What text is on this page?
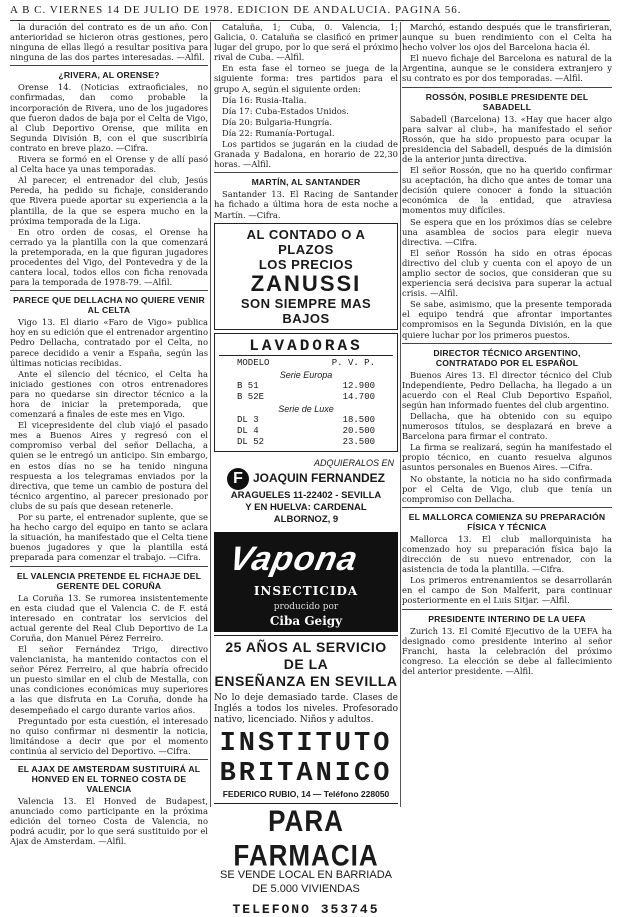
A B C. VIERNES 14 DE JULIO DE 1978. EDICION DE ANDALUCIA. PAGINA 56.

la duración del contrato es de un año. Con anterioridad se hicieron otras gestiones, pero ninguna de ellas llegó a resultar positiva para ninguna de las dos partes interesadas. —Alfil.

¿RIVERA, AL ORENSE?

Orense 14. (Noticias extraoficiales, no confirmadas, dan como probable la incorporación de Rivera, uno de los jugadores que fueron dados de baja por el Celta de Vigo, al Club Deportivo Orense, que milita en Segunda División B, con el que suscribiría contrato en breve plazo. —Cifra.

Rivera se formó en el Orense y de allí pasó al Celta hace ya unas temporadas.

Al parecer, el entrenador del club, Jesús Pereda, ha pedido su fichaje, considerando que Rivera puede aportar su experiencia a la plantilla, de la que se espera mucho en la próxima temporada de la Liga.

En otro orden de cosas, el Orense ha cerrado ya la plantilla con la que comenzará la pretemporada, en la que figuran jugadores procedentes del Vigo, del Pontevedra y de la cantera local, todos ellos con ficha renovada para la temporada de 1978-79. —Alfil.

PARECE QUE DELLACHA NO QUIERE VENIR AL CELTA

Vigo 13. El diario «Faro de Vigo» publica hoy en su edición que el entrenador argentino Pedro Dellacha, contratado por el Celta, no parece decidido a venir a España, según las últimas noticias recibidas.

Ante el silencio del técnico, el Celta ha iniciado gestiones con otros entrenadores para no quedarse sin director técnico a la hora de iniciar la pretemporada, que comenzará a finales de este mes en Vigo.

El vicepresidente del club viajó el pasado mes a Buenos Aires y regresó con el compromiso verbal del señor Dellacha, a quien se le entregó un anticipo. Sin embargo, en estos días no se ha tenido ninguna respuesta a los telegramas enviados por la directiva, que teme un cambio de postura del técnico argentino, al parecer presionado por clubs de su país que desean retenerle.

Por su parte, el entrenador suplente, que se ha hecho cargo del equipo en tanto se aclara la situación, ha manifestado que el Celta tiene buenos jugadores y que la plantilla está preparada para comenzar el trabajo. —Cifra.

EL VALENCIA PRETENDE EL FICHAJE DEL GERENTE DEL CORUÑA

La Coruña 13. Se rumorea insistentemente en esta ciudad que el Valencia C. de F. está interesado en contratar los servicios del actual gerente del Real Club Deportivo de La Coruña, don Manuel Pérez Ferreiro.

El señor Fernández Trigo, directivo valencianista, ha mantenido contactos con el señor Pérez Ferreiro, al que habría ofrecido un puesto similar en el club de Mestalla, con unas condiciones económicas muy superiores a las que disfruta en La Coruña, donde ha desempeñado el cargo durante varios años.

Preguntado por esta cuestión, el interesado no quiso confirmar ni desmentir la noticia, limitándose a decir que por el momento continúa al servicio del Deportivo. —Cifra.

EL AJAX DE AMSTERDAM SUSTITUIRÁ AL HONVED EN EL TORNEO COSTA DE VALENCIA

Valencia 13. El Honved de Budapest, anunciado como participante en la próxima edición del torneo Costa de Valencia, no podrá acudir, por lo que será sustituido por el Ajax de Amsterdam. —Alfil.

Cataluña, 1; Cuba, 0. Valencia, 1; Galicia, 0. Cataluña se clasificó en primer lugar del grupo, por lo que será el próximo rival de Cuba. —Alfil.

En esta fase el torneo se juega de la siguiente forma: tres partidos para el grupo A, según el siguiente orden:

Día 16: Rusia-Italia.

Día 17: Cuba-Estados Unidos.

Día 20: Bulgaria-Hungría.

Día 22: Rumanía-Portugal.

Los partidos se jugarán en la ciudad de Granada y Badalona, en horario de 22,30 horas. —Alfil.

MARTÍN, AL SANTANDER

Santander 13. El Racing de Santander ha fichado a última hora de esta noche a Martín. —Cifra.

AL CONTADO O A PLAZOS
LOS PRECIOS
ZANUSSI
SON SIEMPRE MAS BAJOS
LAVADORAS
MODELO	P. V. P.
Serie Europa
B 51	12.900
B 52E	14.700
Serie de Luxe
DL 3	18.500
DL 4	20.500
DL 52	23.500
ADQUIERALOS EN
F JOAQUIN FERNANDEZ
ARAGUELES 11-22402 - SEVILLA
Y EN HUELVA: CARDENAL ALBORNOZ, 9
Vapona
INSECTICIDA
producido por
Ciba Geigy
25 AÑOS AL SERVICIO DE LA
ENSEÑANZA EN SEVILLA
No lo deje demasiado tarde. Clases de Inglés a todos los niveles. Profesorado nativo, licenciado. Niños y adultos.
INSTITUTO
BRITANICO
FEDERICO RUBIO, 14 — Teléfono 228050
PARA FARMACIA
SE VENDE LOCAL EN BARRIADA
DE 5.000 VIVIENDAS
TELEFONO 353745

Marchó, estando después que le transfirieran, aunque su buen rendimiento con el Celta ha hecho volver los ojos del Barcelona hacia él.

El nuevo fichaje del Barcelona es natural de la Argentina, aunque se le considera extranjero y su contrato es por dos temporadas. —Alfil.

ROSSÓN, POSIBLE PRESIDENTE DEL SABADELL

Sabadell (Barcelona) 13. «Hay que hacer algo para salvar al club», ha manifestado el señor Rossón, que ha sido propuesto para ocupar la presidencia del Sabadell, después de la dimisión de la anterior junta directiva.

El señor Rossón, que no ha querido confirmar su aceptación, ha dicho que antes de tomar una decisión quiere conocer a fondo la situación económica de la entidad, que atraviesa momentos muy difíciles.

Se espera que en los próximos días se celebre una asamblea de socios para elegir nueva directiva. —Cifra.

El señor Rossón ha sido en otras épocas directivo del club y cuenta con el apoyo de un amplio sector de socios, que consideran que su experiencia será decisiva para superar la actual crisis. —Alfil.

Se sabe, asimismo, que la presente temporada el equipo tendrá que afrontar importantes compromisos en la Segunda División, en la que quiere luchar por los primeros puestos.

DIRECTOR TÉCNICO ARGENTINO, CONTRATADO POR EL ESPAÑOL

Buenos Aires 13. El director técnico del Club Independiente, Pedro Dellacha, ha llegado a un acuerdo con el Real Club Deportivo Español, según han informado fuentes del club argentino.

Dellacha, que ha obtenido con su equipo numerosos títulos, se desplazará en breve a Barcelona para firmar el contrato.

La firma se realizará, según ha manifestado el propio técnico, en cuanto resuelva algunos asuntos personales en Buenos Aires. —Cifra.

No obstante, la noticia no ha sido confirmada por el Celta de Vigo, club que tenía un compromiso con Dellacha.

EL MALLORCA COMIENZA SU PREPARACIÓN FÍSICA Y TÉCNICA

Mallorca 13. El club mallorquinista ha comenzado hoy su preparación física bajo la dirección de su nuevo entrenador, con la asistencia de toda la plantilla. —Cifra.

Los primeros entrenamientos se desarrollarán en el campo de Son Malferit, para continuar posteriormente en el Luis Sitjar. —Alfil.

PRESIDENTE INTERINO DE LA UEFA

Zurich 13. El Comité Ejecutivo de la UEFA ha designado como presidente interino al señor Franchi, hasta la celebración del próximo congreso. La elección se debe al fallecimiento del anterior presidente. —Alfil.
